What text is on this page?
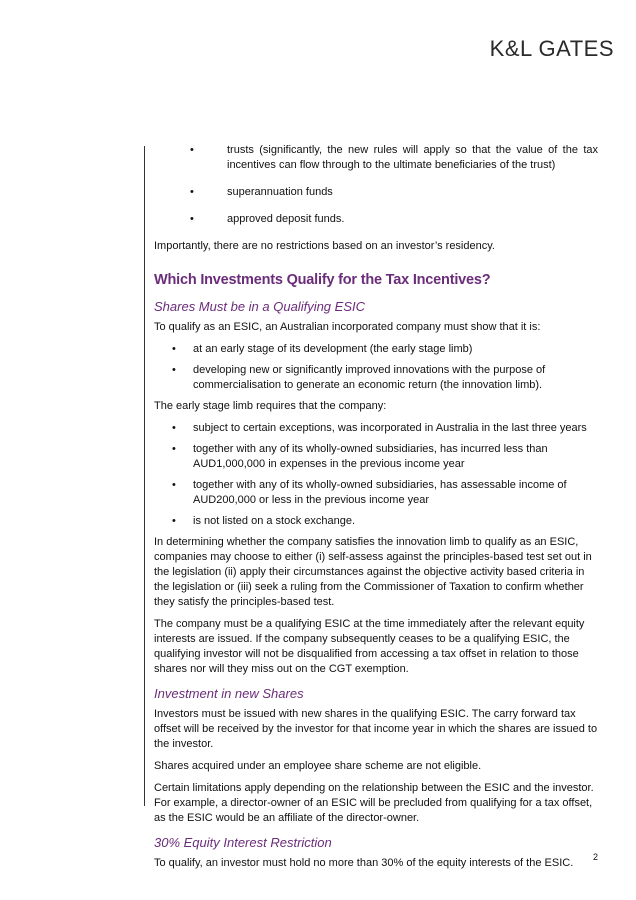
K&L GATES
•	trusts (significantly, the new rules will apply so that the value of the tax incentives can flow through to the ultimate beneficiaries of the trust)
•	superannuation funds
•	approved deposit funds.

Importantly, there are no restrictions based on an investor’s residency.

Which Investments Qualify for the Tax Incentives?
Shares Must be in a Qualifying ESIC

To qualify as an ESIC, an Australian incorporated company must show that it is:

• at an early stage of its development (the early stage limb)
• developing new or significantly improved innovations with the purpose of commercialisation to generate an economic return (the innovation limb).

The early stage limb requires that the company:

• subject to certain exceptions, was incorporated in Australia in the last three years
• together with any of its wholly-owned subsidiaries, has incurred less than AUD1,000,000 in expenses in the previous income year
• together with any of its wholly-owned subsidiaries, has assessable income of AUD200,000 or less in the previous income year
• is not listed on a stock exchange.

In determining whether the company satisfies the innovation limb to qualify as an ESIC, companies may choose to either (i) self-assess against the principles-based test set out in the legislation (ii) apply their circumstances against the objective activity based criteria in the legislation or (iii) seek a ruling from the Commissioner of Taxation to confirm whether they satisfy the principles-based test.

The company must be a qualifying ESIC at the time immediately after the relevant equity interests are issued. If the company subsequently ceases to be a qualifying ESIC, the qualifying investor will not be disqualified from accessing a tax offset in relation to those shares nor will they miss out on the CGT exemption.

Investment in new Shares

Investors must be issued with new shares in the qualifying ESIC. The carry forward tax offset will be received by the investor for that income year in which the shares are issued to the investor.

Shares acquired under an employee share scheme are not eligible.

Certain limitations apply depending on the relationship between the ESIC and the investor. For example, a director-owner of an ESIC will be precluded from qualifying for a tax offset, as the ESIC would be an affiliate of the director-owner.

30% Equity Interest Restriction

To qualify, an investor must hold no more than 30% of the equity interests of the ESIC.	2
